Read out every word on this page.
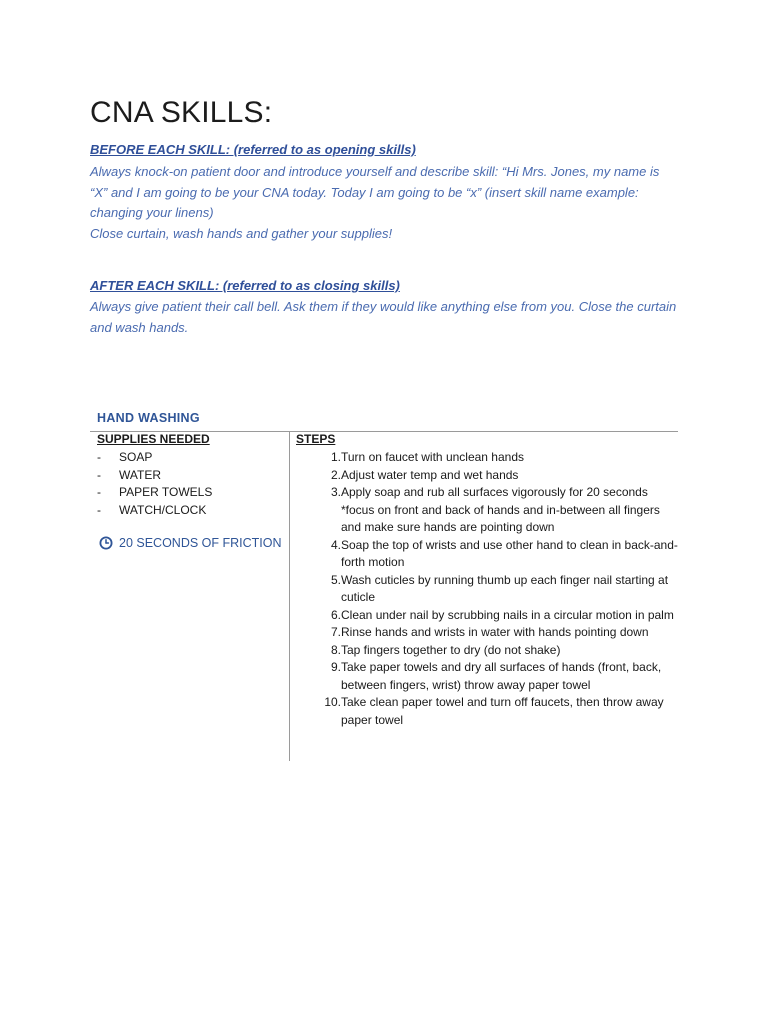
CNA SKILLS:
BEFORE EACH SKILL: (referred to as opening skills)

Always knock-on patient door and introduce yourself and describe skill: “Hi Mrs. Jones, my name is “X” and I am going to be your CNA today. Today I am going to be “x” (insert skill name example: changing your linens)

Close curtain, wash hands and gather your supplies!

AFTER EACH SKILL: (referred to as closing skills)

Always give patient their call bell. Ask them if they would like anything else from you. Close the curtain and wash hands.

HAND WASHING
SUPPLIES NEEDED	STEPS
- SOAP
- WATER
- PAPER TOWELS
- WATCH/CLOCK
20 SECONDS OF FRICTION
1. Turn on faucet with unclean hands
2. Adjust water temp and wet hands
3. Apply soap and rub all surfaces vigorously for 20 seconds *focus on front and back of hands and in-between all fingers and make sure hands are pointing down
4. Soap the top of wrists and use other hand to clean in back-and-forth motion
5. Wash cuticles by running thumb up each finger nail starting at cuticle
6. Clean under nail by scrubbing nails in a circular motion in palm
7. Rinse hands and wrists in water with hands pointing down
8. Tap fingers together to dry (do not shake)
9. Take paper towels and dry all surfaces of hands (front, back, between fingers, wrist) throw away paper towel
10. Take clean paper towel and turn off faucets, then throw away paper towel
